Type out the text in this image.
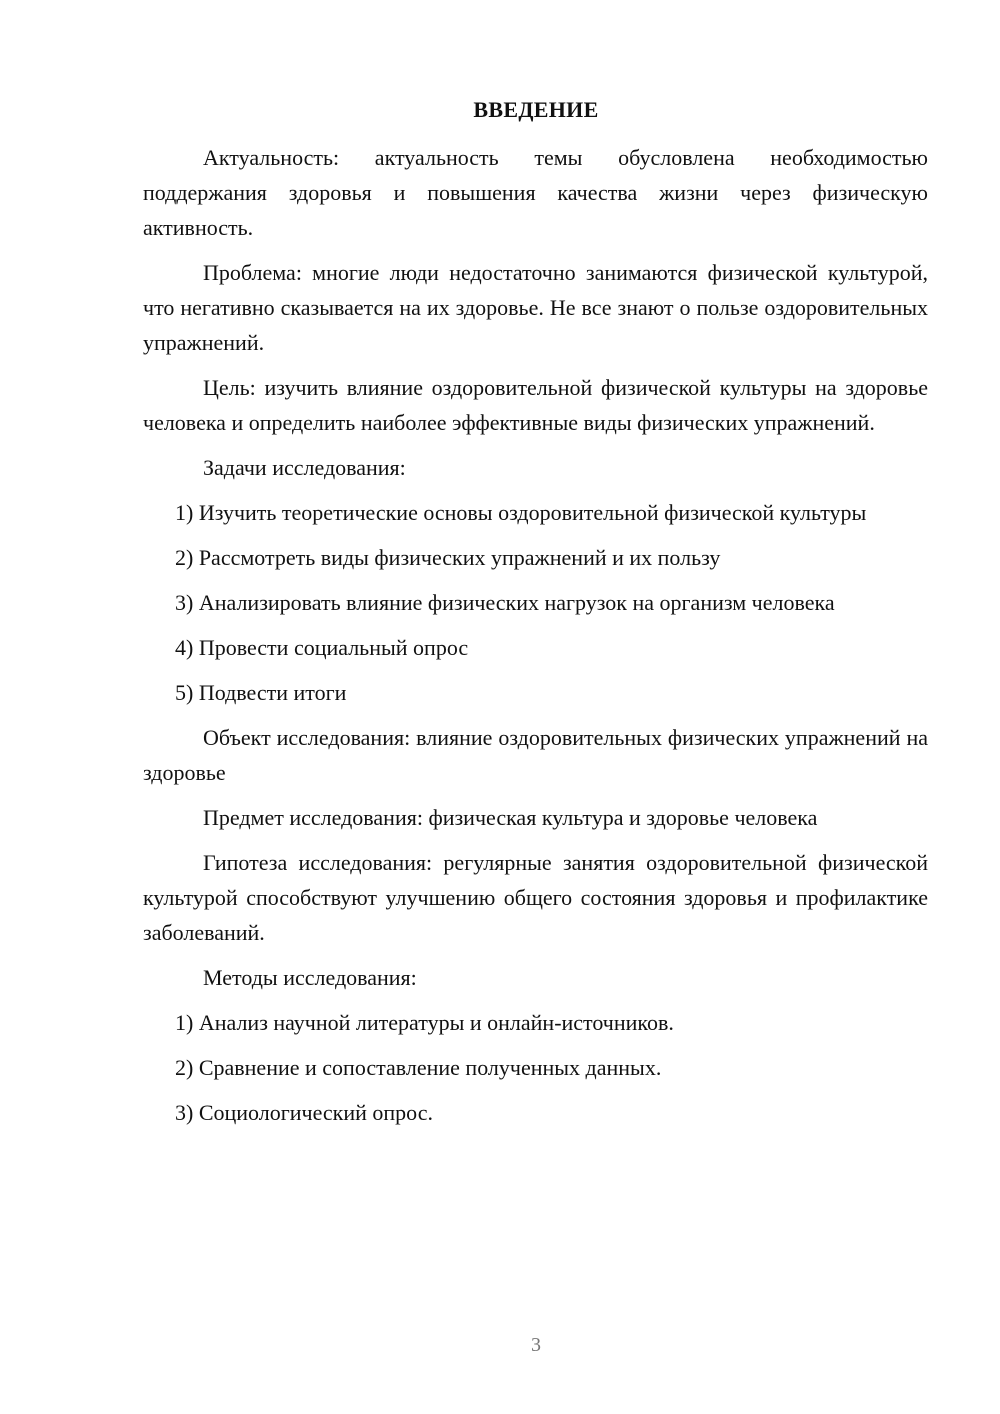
ВВЕДЕНИЕ

Актуальность: актуальность темы обусловлена необходимостью поддержания здоровья и повышения качества жизни через физическую активность.

Проблема: многие люди недостаточно занимаются физической культурой, что негативно сказывается на их здоровье. Не все знают о пользе оздоровительных упражнений.

Цель: изучить влияние оздоровительной физической культуры на здоровье человека и определить наиболее эффективные виды физических упражнений.

Задачи исследования:

1) Изучить теоретические основы оздоровительной физической культуры

2) Рассмотреть виды физических упражнений и их пользу

3) Анализировать влияние физических нагрузок на организм человека

4) Провести социальный опрос

5) Подвести итоги

Объект исследования: влияние оздоровительных физических упражнений на здоровье

Предмет исследования: физическая культура и здоровье человека

Гипотеза исследования: регулярные занятия оздоровительной физической культурой способствуют улучшению общего состояния здоровья и профилактике заболеваний.

Методы исследования:

1) Анализ научной литературы и онлайн-источников.

2) Сравнение и сопоставление полученных данных.

3) Социологический опрос.

3
